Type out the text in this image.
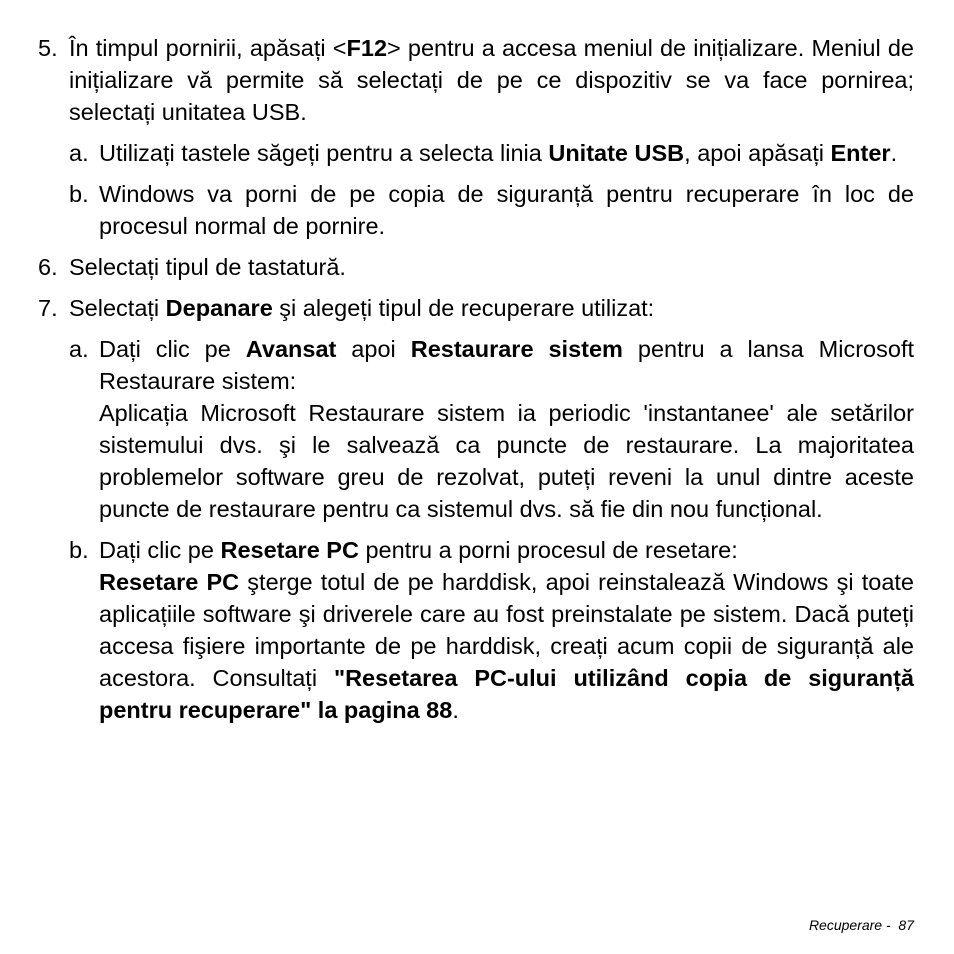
5. În timpul pornirii, apăsați <F12> pentru a accesa meniul de inițializare. Meniul de inițializare vă permite să selectați de pe ce dispozitiv se va face pornirea; selectați unitatea USB.
a. Utilizați tastele săgeți pentru a selecta linia Unitate USB, apoi apăsați Enter.
b. Windows va porni de pe copia de siguranță pentru recuperare în loc de procesul normal de pornire.
6. Selectați tipul de tastatură.
7. Selectați Depanare şi alegeți tipul de recuperare utilizat:
a. Dați clic pe Avansat apoi Restaurare sistem pentru a lansa Microsoft Restaurare sistem:
Aplicația Microsoft Restaurare sistem ia periodic 'instantanee' ale setărilor sistemului dvs. şi le salvează ca puncte de restaurare. La majoritatea problemelor software greu de rezolvat, puteți reveni la unul dintre aceste puncte de restaurare pentru ca sistemul dvs. să fie din nou funcțional.
b. Dați clic pe Resetare PC pentru a porni procesul de resetare:
Resetare PC şterge totul de pe harddisk, apoi reinstalează Windows şi toate aplicațiile software şi driverele care au fost preinstalate pe sistem. Dacă puteți accesa fişiere importante de pe harddisk, creați acum copii de siguranță ale acestora. Consultați "Resetarea PC-ului utilizând copia de siguranță pentru recuperare" la pagina 88.
Recuperare - 87
